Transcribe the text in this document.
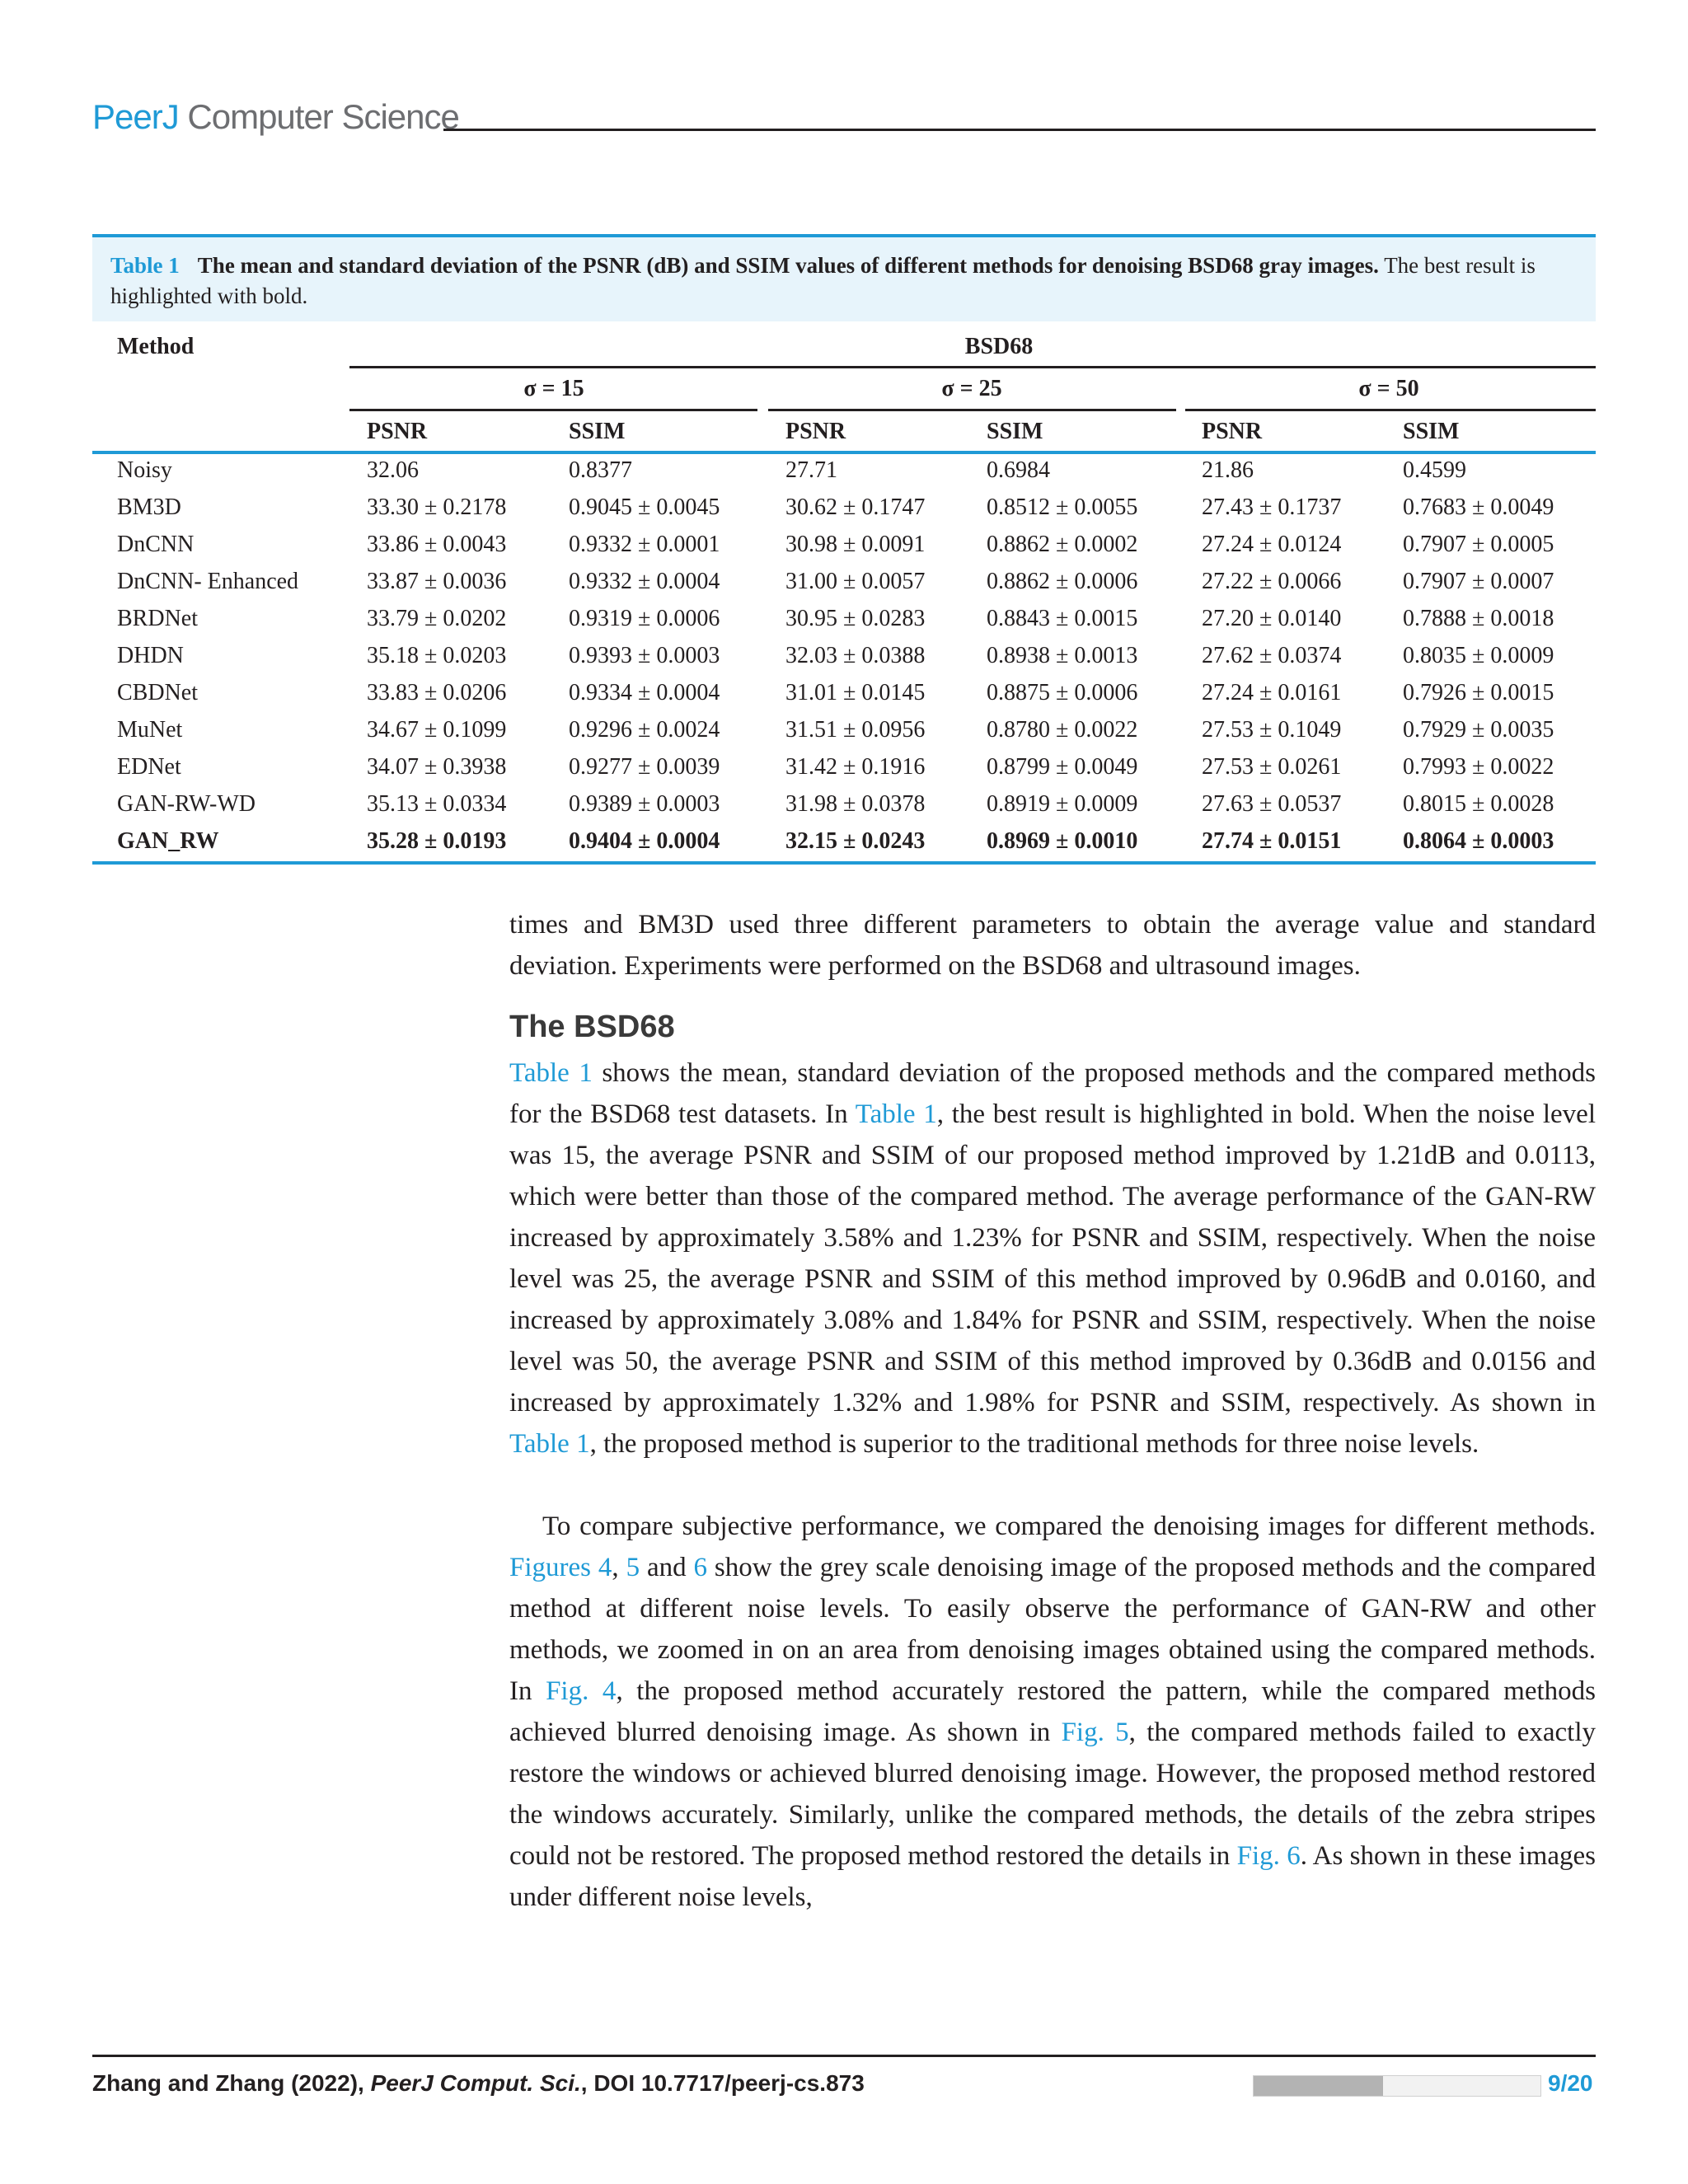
PeerJ Computer Science
Table 1 The mean and standard deviation of the PSNR (dB) and SSIM values of different methods for denoising BSD68 gray images. The best result is highlighted with bold.
Method	BSD68
σ = 15	σ = 25	σ = 50
PSNR	SSIM	PSNR	SSIM	PSNR	SSIM
Noisy	32.06	0.8377	27.71	0.6984	21.86	0.4599
BM3D	33.30 ± 0.2178	0.9045 ± 0.0045	30.62 ± 0.1747	0.8512 ± 0.0055	27.43 ± 0.1737	0.7683 ± 0.0049
DnCNN	33.86 ± 0.0043	0.9332 ± 0.0001	30.98 ± 0.0091	0.8862 ± 0.0002	27.24 ± 0.0124	0.7907 ± 0.0005
DnCNN- Enhanced	33.87 ± 0.0036	0.9332 ± 0.0004	31.00 ± 0.0057	0.8862 ± 0.0006	27.22 ± 0.0066	0.7907 ± 0.0007
BRDNet	33.79 ± 0.0202	0.9319 ± 0.0006	30.95 ± 0.0283	0.8843 ± 0.0015	27.20 ± 0.0140	0.7888 ± 0.0018
DHDN	35.18 ± 0.0203	0.9393 ± 0.0003	32.03 ± 0.0388	0.8938 ± 0.0013	27.62 ± 0.0374	0.8035 ± 0.0009
CBDNet	33.83 ± 0.0206	0.9334 ± 0.0004	31.01 ± 0.0145	0.8875 ± 0.0006	27.24 ± 0.0161	0.7926 ± 0.0015
MuNet	34.67 ± 0.1099	0.9296 ± 0.0024	31.51 ± 0.0956	0.8780 ± 0.0022	27.53 ± 0.1049	0.7929 ± 0.0035
EDNet	34.07 ± 0.3938	0.9277 ± 0.0039	31.42 ± 0.1916	0.8799 ± 0.0049	27.53 ± 0.0261	0.7993 ± 0.0022
GAN-RW-WD	35.13 ± 0.0334	0.9389 ± 0.0003	31.98 ± 0.0378	0.8919 ± 0.0009	27.63 ± 0.0537	0.8015 ± 0.0028
GAN_RW	35.28 ± 0.0193	0.9404 ± 0.0004	32.15 ± 0.0243	0.8969 ± 0.0010	27.74 ± 0.0151	0.8064 ± 0.0003

times and BM3D used three different parameters to obtain the average value and standard deviation. Experiments were performed on the BSD68 and ultrasound images.

The BSD68

Table 1 shows the mean, standard deviation of the proposed methods and the compared methods for the BSD68 test datasets. In Table 1, the best result is highlighted in bold. When the noise level was 15, the average PSNR and SSIM of our proposed method improved by 1.21dB and 0.0113, which were better than those of the compared method. The average performance of the GAN-RW increased by approximately 3.58% and 1.23% for PSNR and SSIM, respectively. When the noise level was 25, the average PSNR and SSIM of this method improved by 0.96dB and 0.0160, and increased by approximately 3.08% and 1.84% for PSNR and SSIM, respectively. When the noise level was 50, the average PSNR and SSIM of this method improved by 0.36dB and 0.0156 and increased by approximately 1.32% and 1.98% for PSNR and SSIM, respectively. As shown in Table 1, the proposed method is superior to the traditional methods for three noise levels.

To compare subjective performance, we compared the denoising images for different methods. Figures 4, 5 and 6 show the grey scale denoising image of the proposed methods and the compared method at different noise levels. To easily observe the performance of GAN-RW and other methods, we zoomed in on an area from denoising images obtained using the compared methods. In Fig. 4, the proposed method accurately restored the pattern, while the compared methods achieved blurred denoising image. As shown in Fig. 5, the compared methods failed to exactly restore the windows or achieved blurred denoising image. However, the proposed method restored the windows accurately. Similarly, unlike the compared methods, the details of the zebra stripes could not be restored. The proposed method restored the details in Fig. 6. As shown in these images under different noise levels,

Zhang and Zhang (2022), PeerJ Comput. Sci., DOI 10.7717/peerj-cs.873	9/20
